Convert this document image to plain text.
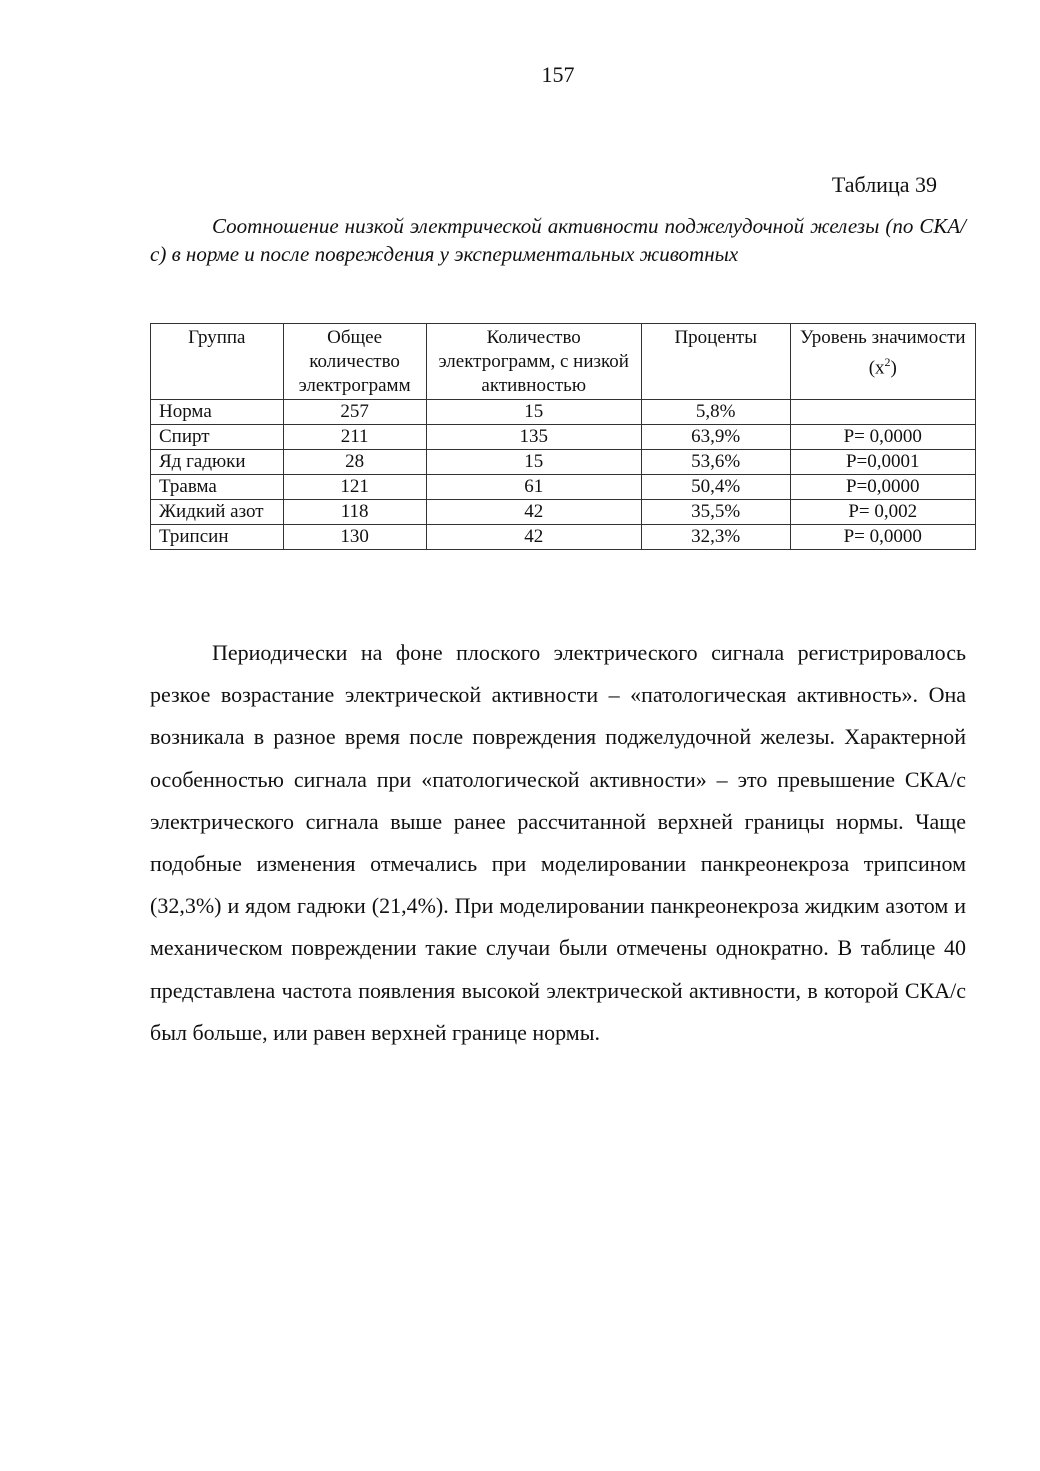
157
Таблица 39
Соотношение низкой электрической активности поджелудочной железы (по СКА/с) в норме и после повреждения у экспериментальных животных
Группа	Общее количество электрограмм	Количество электрограмм, с низкой активностью	Проценты	Уровень значимости
$(x^2)$

Норма	257	15	5,8%	
Спирт	211	135	63,9%	P= 0,0000
Яд гадюки	28	15	53,6%	P=0,0001
Травма	121	61	50,4%	P=0,0000
Жидкий азот	118	42	35,5%	P= 0,002
Трипсин	130	42	32,3%	P= 0,0000

Периодически на фоне плоского электрического сигнала регистрировалось резкое возрастание электрической активности – «патологическая активность». Она возникала в разное время после повреждения поджелудочной железы. Характерной особенностью сигнала при «патологической активности» – это превышение СКА/с электрического сигнала выше ранее рассчитанной верхней границы нормы. Чаще подобные изменения отмечались при моделировании панкреонекроза трипсином (32,3%) и ядом гадюки (21,4%). При моделировании панкреонекроза жидким азотом и механическом повреждении такие случаи были отмечены однократно. В таблице 40 представлена частота появления высокой электрической активности, в которой СКА/с был больше, или равен верхней границе нормы.
